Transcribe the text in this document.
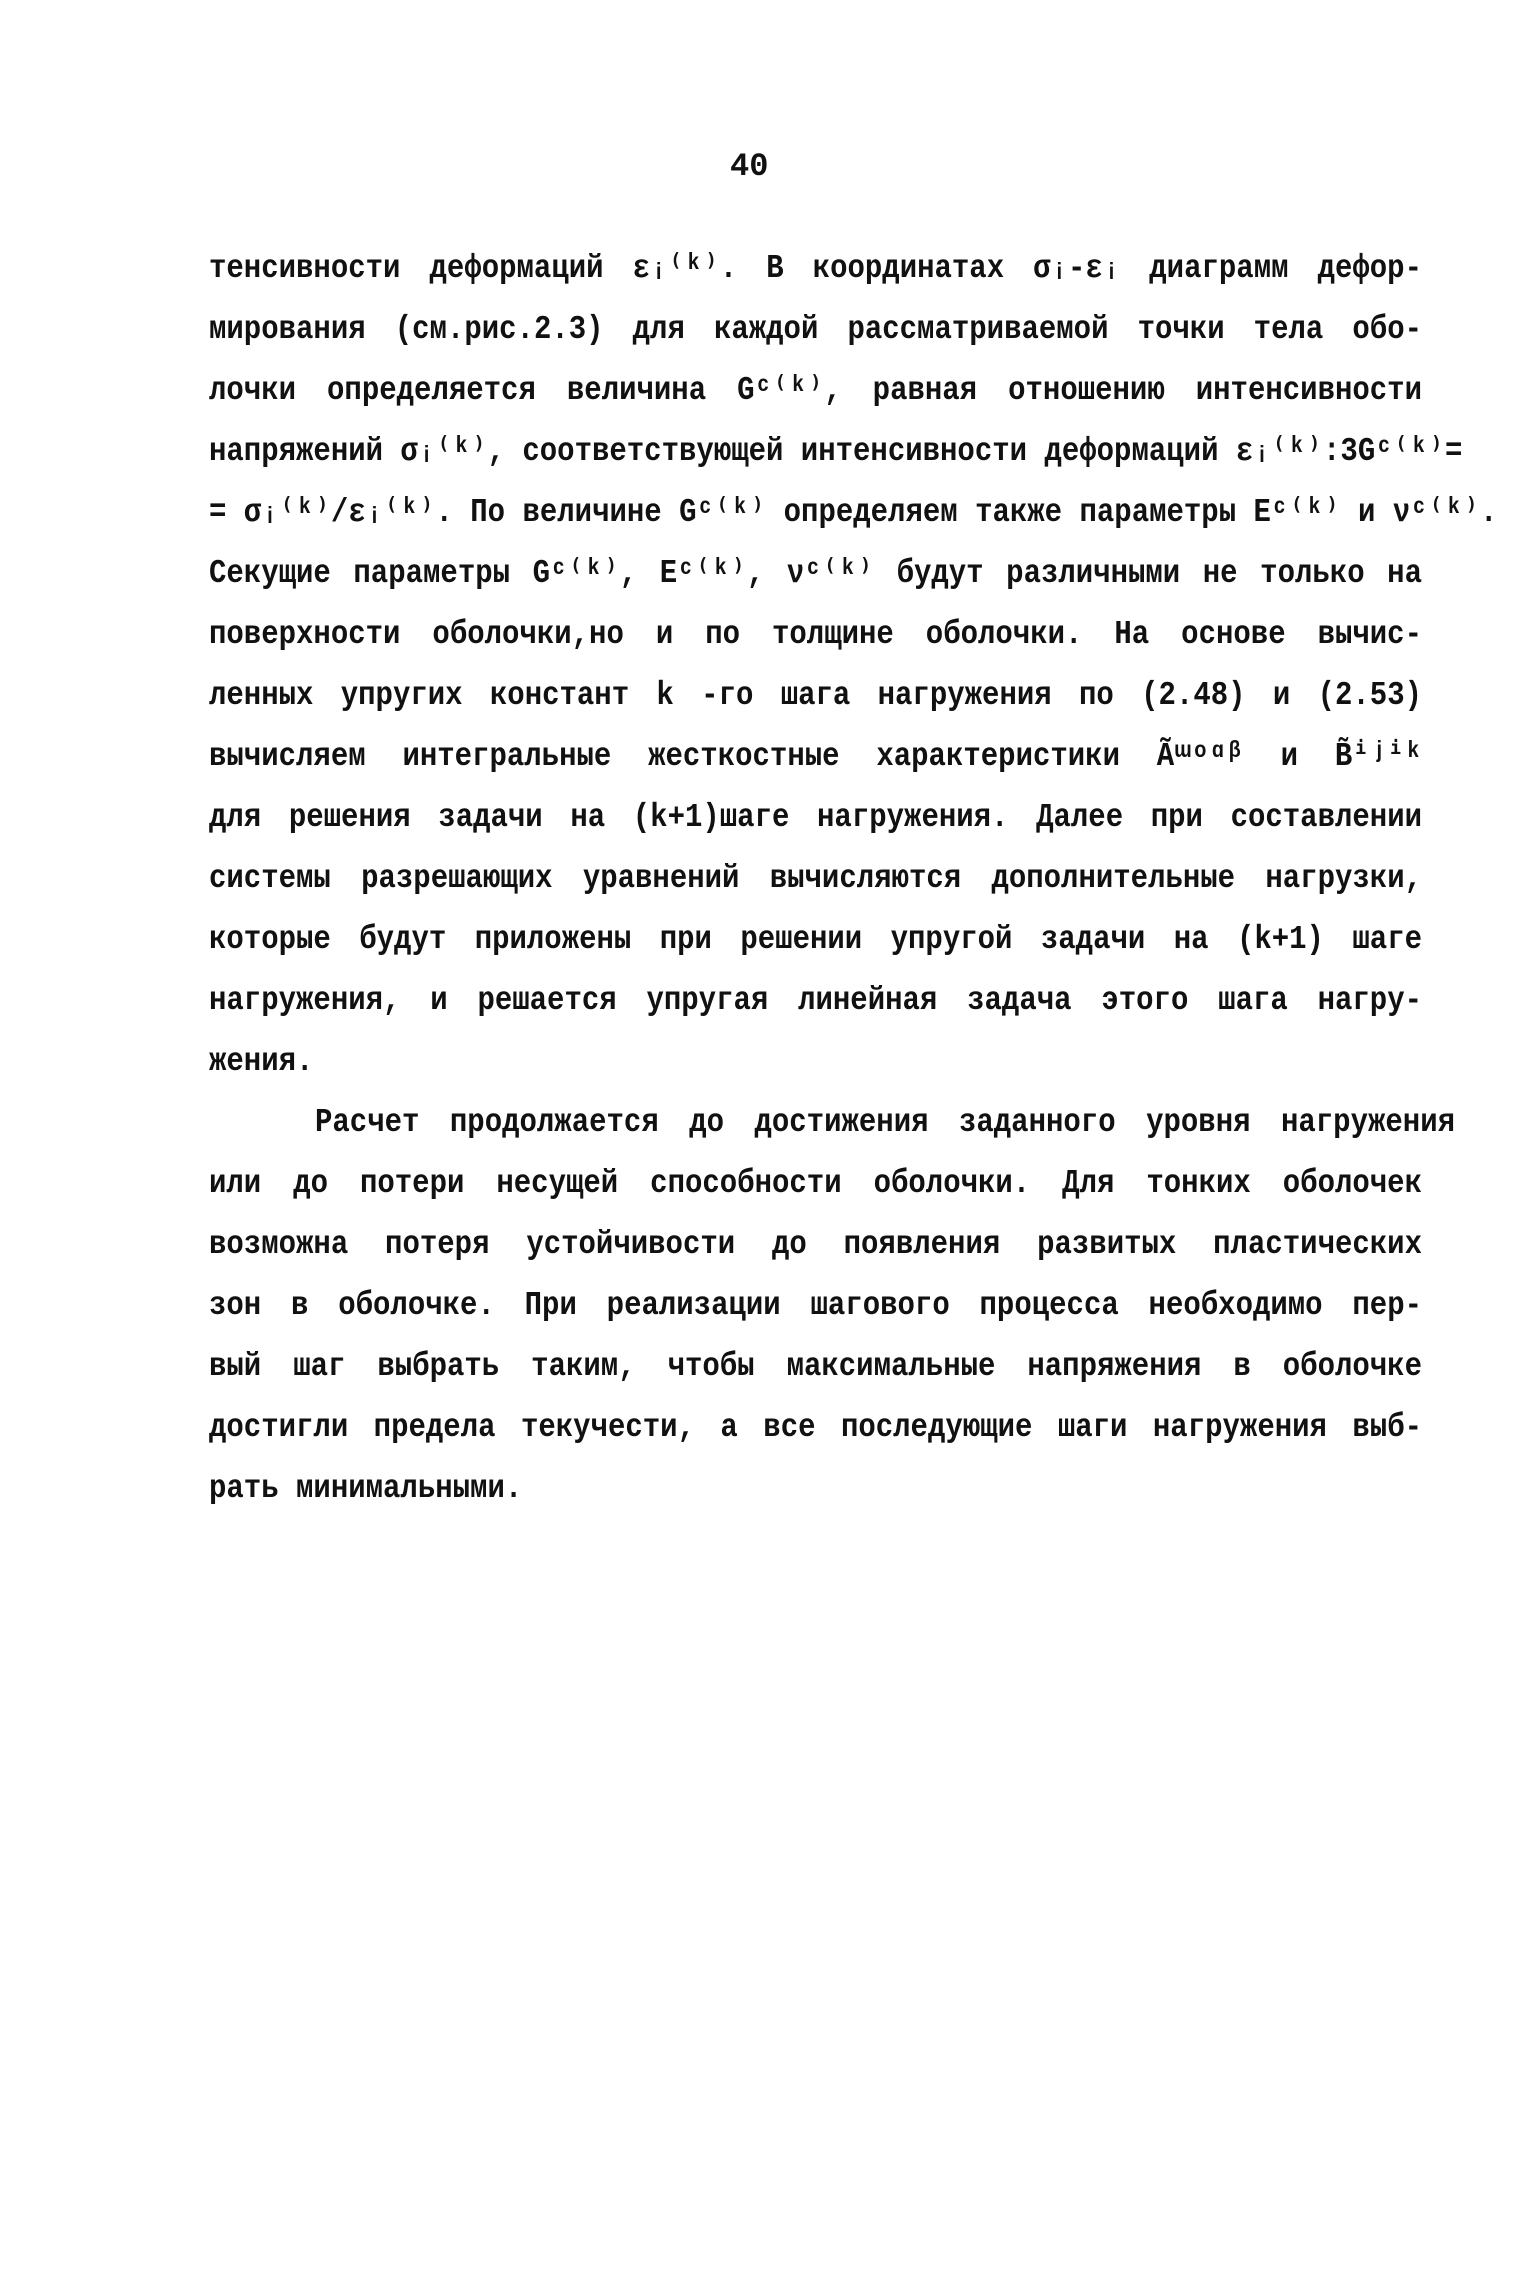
40
тенсивности деформаций εᵢ⁽ᵏ⁾. В координатах σᵢ-εᵢ диаграмм дефор-
мирования (см.рис.2.3) для каждой рассматриваемой точки тела обо-
лочки определяется величина Gᶜ⁽ᵏ⁾, равная отношению интенсивности
напряжений σᵢ⁽ᵏ⁾, соответствующей интенсивности деформаций εᵢ⁽ᵏ⁾:3Gᶜ⁽ᵏ⁾=
= σᵢ⁽ᵏ⁾/εᵢ⁽ᵏ⁾. По величине Gᶜ⁽ᵏ⁾ определяем также параметры Eᶜ⁽ᵏ⁾ и νᶜ⁽ᵏ⁾.
Секущие параметры Gᶜ⁽ᵏ⁾, Eᶜ⁽ᵏ⁾, νᶜ⁽ᵏ⁾ будут различными не только на
поверхности оболочки,но и по толщине оболочки. На основе вычис-
ленных упругих констант k -го шага нагружения по (2.48) и (2.53)
вычисляем интегральные жесткостные характеристики Ãᵚᵒᵅᵝ и B̃ⁱʲⁱᵏ
для решения задачи на (k+1)шаге нагружения. Далее при составлении
системы разрешающих уравнений вычисляются дополнительные нагрузки,
которые будут приложены при решении упругой задачи на (k+1) шаге
нагружения, и решается упругая линейная задача этого шага нагру-
жения.
Расчет продолжается до достижения заданного уровня нагружения
или до потери несущей способности оболочки. Для тонких оболочек
возможна потеря устойчивости до появления развитых пластических
зон в оболочке. При реализации шагового процесса необходимо пер-
вый шаг выбрать таким, чтобы максимальные напряжения в оболочке
достигли предела текучести, а все последующие шаги нагружения выб-
рать минимальными.
